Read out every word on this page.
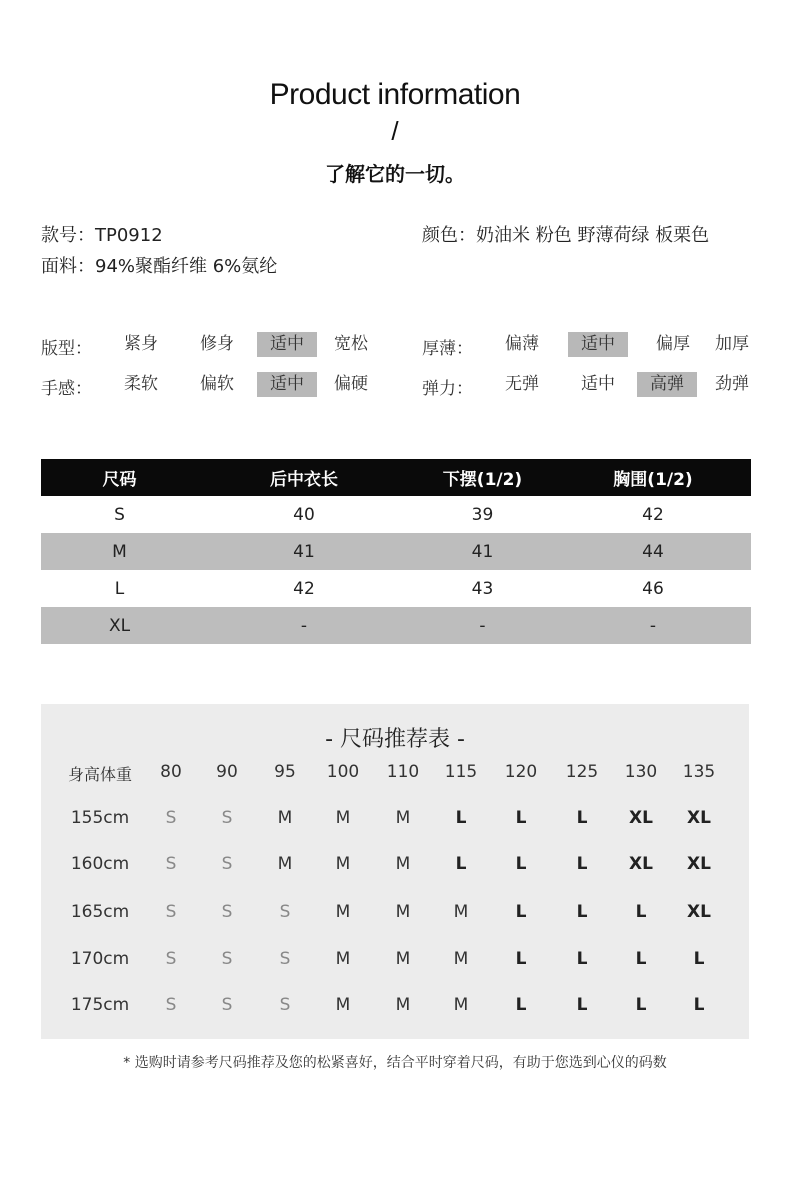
Product information
/
了解它的一切。
款号：TP0912	颜色：奶油米 粉色 野薄荷绿 板栗色
面料：94%聚酯纤维 6%氨纶
版型：	紧身	修身	适中	宽松
手感：	柔软	偏软	适中	偏硬
厚薄：	偏薄	适中	偏厚	加厚
弹力：	无弹	适中	高弹	劲弹
尺码	后中衣长	下摆(1/2)	胸围(1/2)
S	40	39	42
M	41	41	44
L	42	43	46
XL	-	-	-
- 尺码推荐表 -
身高体重	80	90	95	100	110	115	120	125	130	135
155cm	S	S	M	M	M	L	L	L	XL	XL
160cm	S	S	M	M	M	L	L	L	XL	XL
165cm	S	S	S	M	M	M	L	L	L	XL
170cm	S	S	S	M	M	M	L	L	L	L
175cm	S	S	S	M	M	M	L	L	L	L
* 选购时请参考尺码推荐及您的松紧喜好，结合平时穿着尺码，有助于您选到心仪的码数
